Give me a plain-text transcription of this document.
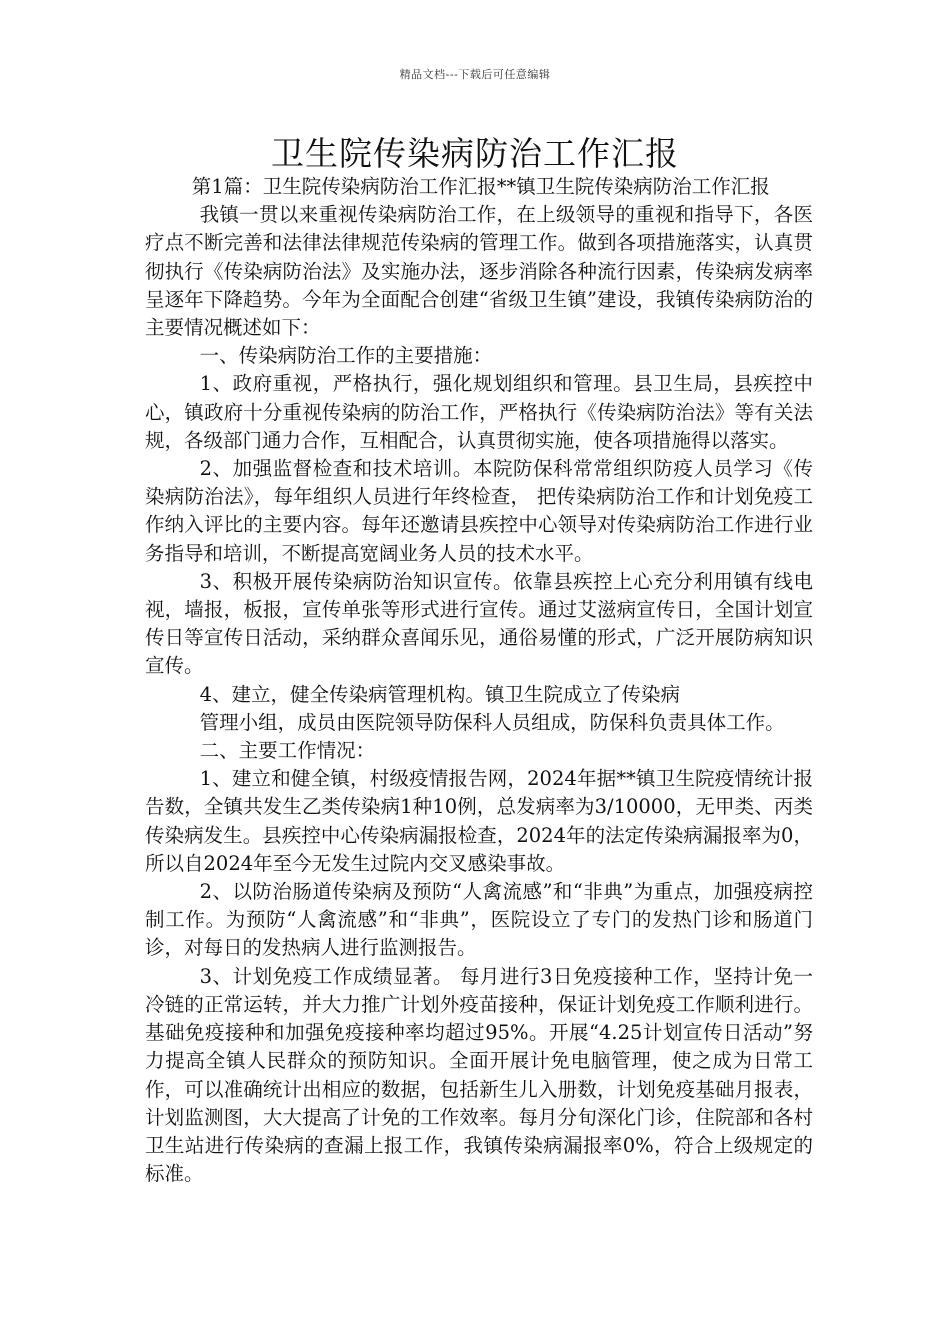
精品文档---下载后可任意编辑
卫生院传染病防治工作汇报

第1篇：卫生院传染病防治工作汇报**镇卫生院传染病防治工作汇报

我镇一贯以来重视传染病防治工作，在上级领导的重视和指导下，各医疗点不断完善和法律法律规范传染病的管理工作。做到各项措施落实，认真贯彻执行《传染病防治法》及实施办法，逐步消除各种流行因素，传染病发病率呈逐年下降趋势。今年为全面配合创建“省级卫生镇”建设，我镇传染病防治的主要情况概述如下：

一、传染病防治工作的主要措施：

1、政府重视，严格执行，强化规划组织和管理。县卫生局，县疾控中心，镇政府十分重视传染病的防治工作，严格执行《传染病防治法》等有关法规，各级部门通力合作，互相配合，认真贯彻实施，使各项措施得以落实。

2、加强监督检查和技术培训。本院防保科常常组织防疫人员学习《传染病防治法》，每年组织人员进行年终检查， 把传染病防治工作和计划免疫工作纳入评比的主要内容。每年还邀请县疾控中心领导对传染病防治工作进行业务指导和培训，不断提高宽阔业务人员的技术水平。

3、积极开展传染病防治知识宣传。依靠县疾控上心充分利用镇有线电视，墙报，板报，宣传单张等形式进行宣传。通过艾滋病宣传日，全国计划宣传日等宣传日活动，采纳群众喜闻乐见，通俗易懂的形式，广泛开展防病知识宣传。

4、建立，健全传染病管理机构。镇卫生院成立了传染病

管理小组，成员由医院领导防保科人员组成，防保科负责具体工作。

二、主要工作情况：

1、建立和健全镇，村级疫情报告网，2024年据**镇卫生院疫情统计报告数，全镇共发生乙类传染病1种10例，总发病率为3/10000，无甲类、丙类传染病发生。县疾控中心传染病漏报检查，2024年的法定传染病漏报率为0，所以自2024年至今无发生过院内交叉感染事故。

2、以防治肠道传染病及预防“人禽流感”和“非典”为重点，加强疫病控制工作。为预防“人禽流感”和“非典”，医院设立了专门的发热门诊和肠道门诊，对每日的发热病人进行监测报告。

3、计划免疫工作成绩显著。 每月进行3日免疫接种工作，坚持计免一冷链的正常运转，并大力推广计划外疫苗接种，保证计划免疫工作顺利进行。基础免疫接种和加强免疫接种率均超过95%。开展“4.25计划宣传日活动”努力提高全镇人民群众的预防知识。全面开展计免电脑管理，使之成为日常工作，可以准确统计出相应的数据，包括新生儿入册数，计划免疫基础月报表，计划监测图，大大提高了计免的工作效率。每月分旬深化门诊，住院部和各村卫生站进行传染病的查漏上报工作，我镇传染病漏报率0%，符合上级规定的标准。
